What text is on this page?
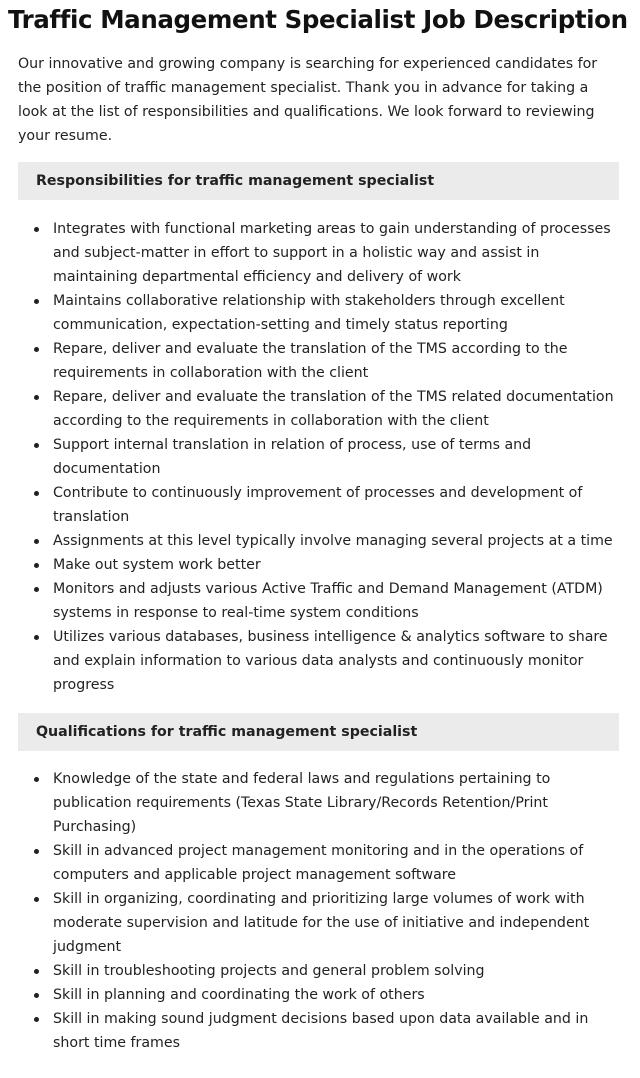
Traffic Management Specialist Job Description

Our innovative and growing company is searching for experienced candidates for the position of traffic management specialist. Thank you in advance for taking a look at the list of responsibilities and qualifications. We look forward to reviewing your resume.

Responsibilities for traffic management specialist
Integrates with functional marketing areas to gain understanding of processes and subject-matter in effort to support in a holistic way and assist in maintaining departmental efficiency and delivery of work
Maintains collaborative relationship with stakeholders through excellent communication, expectation-setting and timely status reporting
Repare, deliver and evaluate the translation of the TMS according to the requirements in collaboration with the client
Repare, deliver and evaluate the translation of the TMS related documentation according to the requirements in collaboration with the client
Support internal translation in relation of process, use of terms and documentation
Contribute to continuously improvement of processes and development of translation
Assignments at this level typically involve managing several projects at a time
Make out system work better
Monitors and adjusts various Active Traffic and Demand Management (ATDM) systems in response to real-time system conditions
Utilizes various databases, business intelligence & analytics software to share and explain information to various data analysts and continuously monitor progress
Qualifications for traffic management specialist
Knowledge of the state and federal laws and regulations pertaining to publication requirements (Texas State Library/Records Retention/Print Purchasing)
Skill in advanced project management monitoring and in the operations of computers and applicable project management software
Skill in organizing, coordinating and prioritizing large volumes of work with moderate supervision and latitude for the use of initiative and independent judgment
Skill in troubleshooting projects and general problem solving
Skill in planning and coordinating the work of others
Skill in making sound judgment decisions based upon data available and in short time frames
